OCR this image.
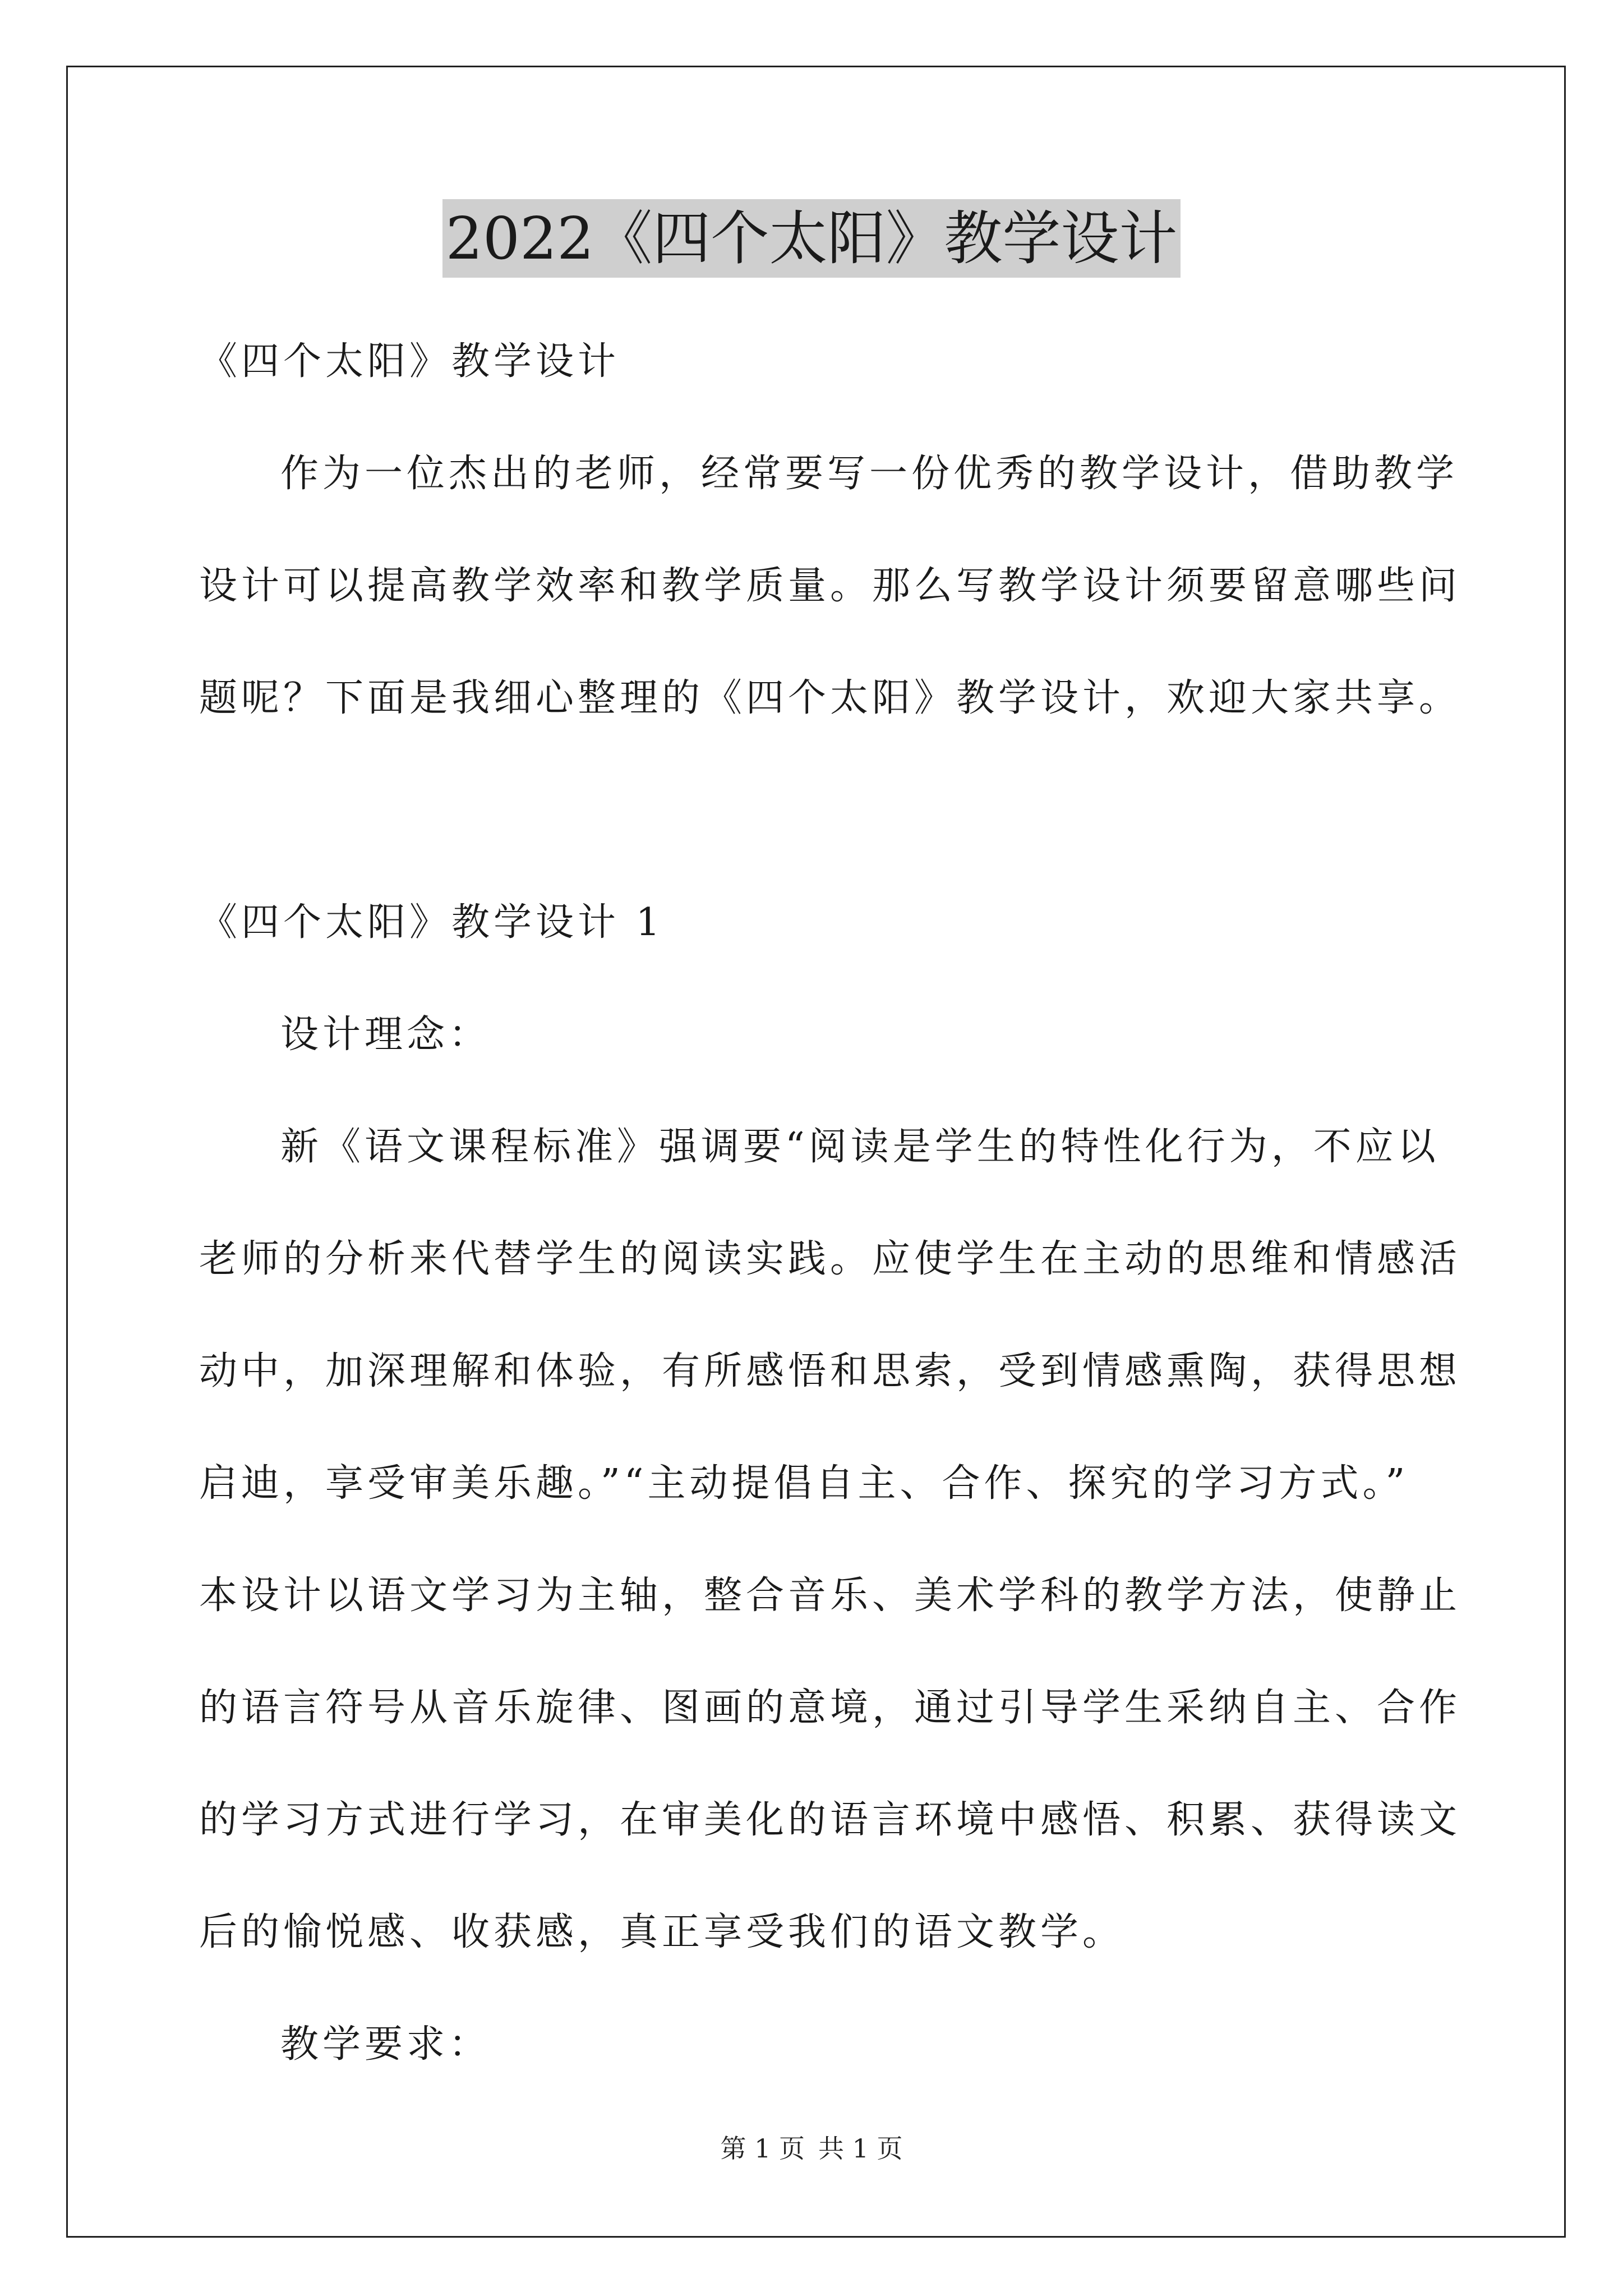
2022《四个太阳》教学设计
《四个太阳》教学设计
作为一位杰出的老师，经常要写一份优秀的教学设计，借助教学
设计可以提高教学效率和教学质量。那么写教学设计须要留意哪些问
题呢？下面是我细心整理的《四个太阳》教学设计，欢迎大家共享。
《四个太阳》教学设计 1
设计理念：
新《语文课程标准》强调要“阅读是学生的特性化行为，不应以
老师的分析来代替学生的阅读实践。应使学生在主动的思维和情感活
动中，加深理解和体验，有所感悟和思索，受到情感熏陶，获得思想
启迪，享受审美乐趣。”“主动提倡自主、合作、探究的学习方式。”
本设计以语文学习为主轴，整合音乐、美术学科的教学方法，使静止
的语言符号从音乐旋律、图画的意境，通过引导学生采纳自主、合作
的学习方式进行学习，在审美化的语言环境中感悟、积累、获得读文
后的愉悦感、收获感，真正享受我们的语文教学。
教学要求：
第 1 页 共 1 页
